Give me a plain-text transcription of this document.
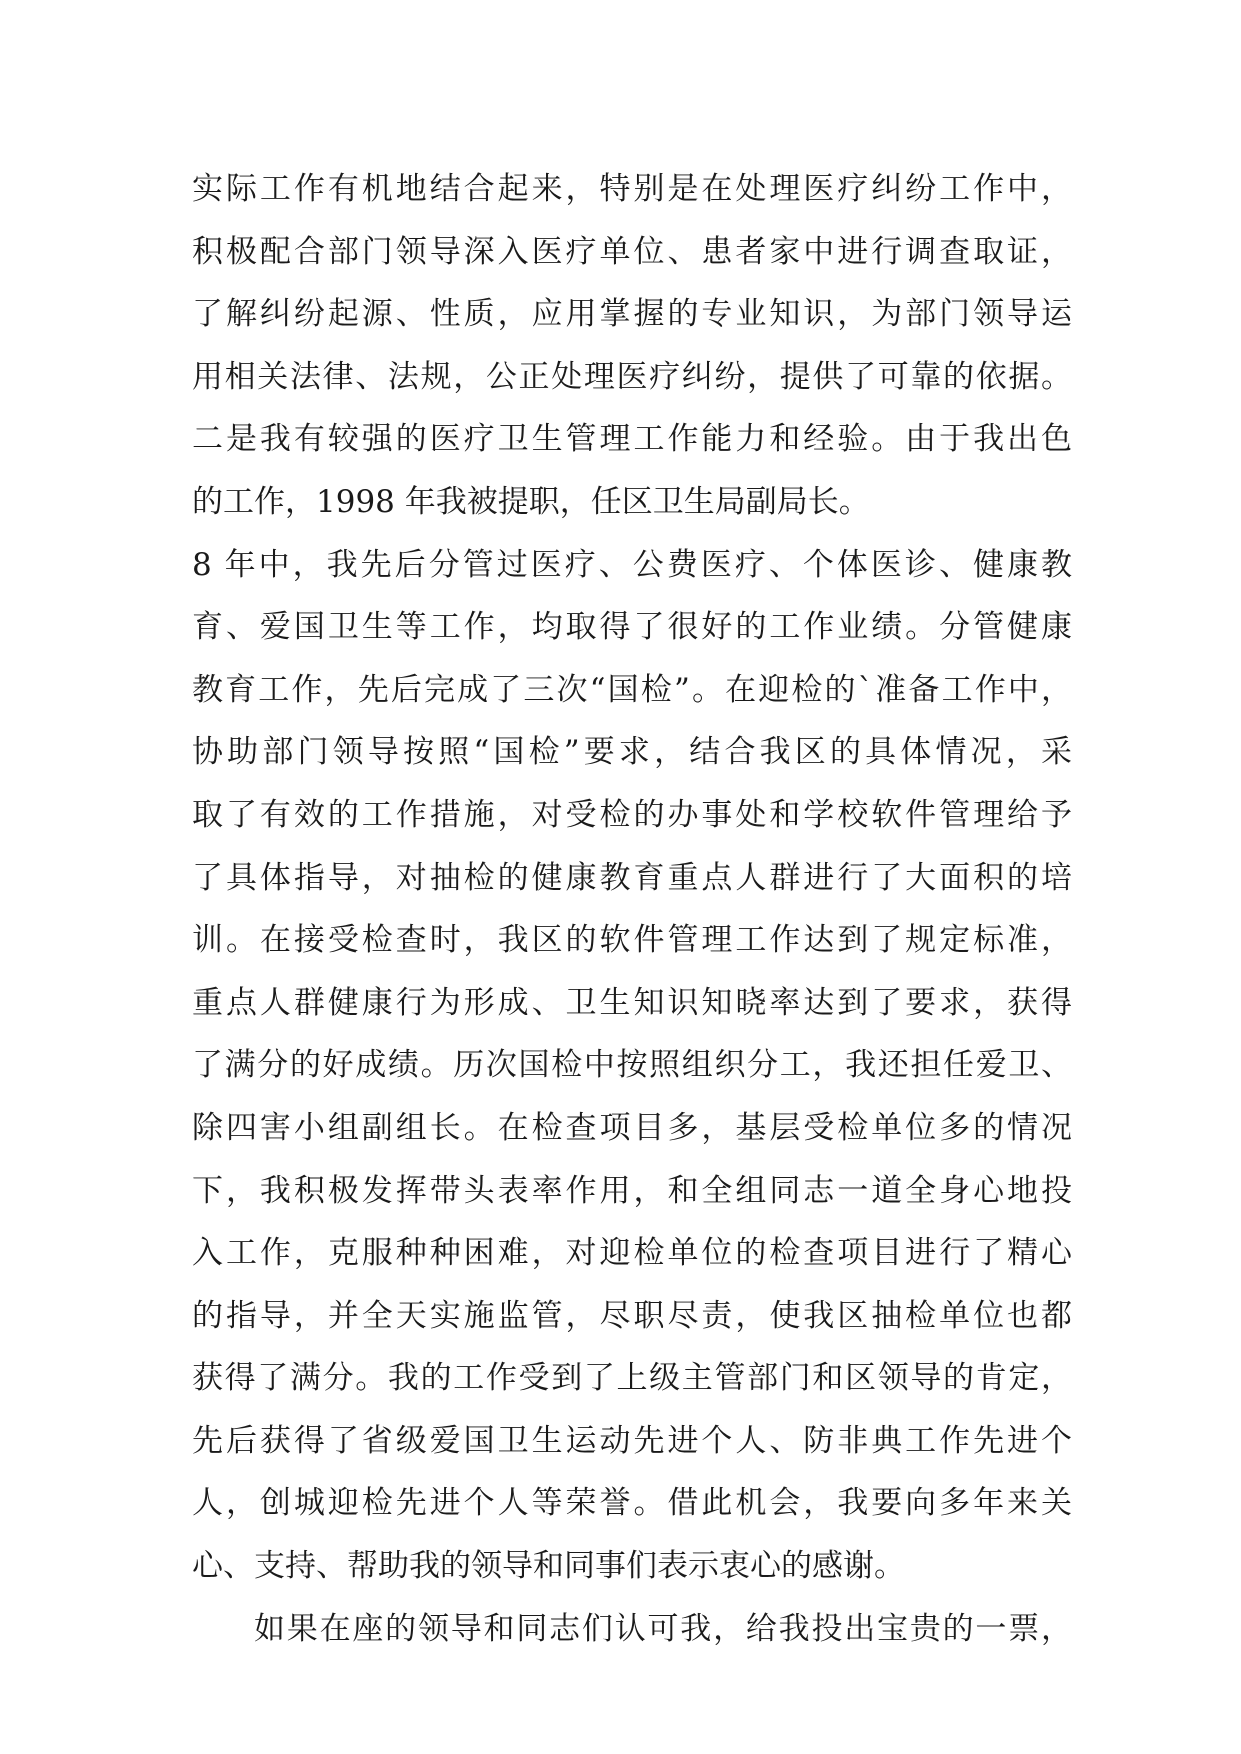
实际工作有机地结合起来，特别是在处理医疗纠纷工作中，
积极配合部门领导深入医疗单位、患者家中进行调查取证，
了解纠纷起源、性质，应用掌握的专业知识，为部门领导运
用相关法律、法规，公正处理医疗纠纷，提供了可靠的依据。
二是我有较强的医疗卫生管理工作能力和经验。由于我出色
的工作，1998 年我被提职，任区卫生局副局长。
8 年中，我先后分管过医疗、公费医疗、个体医诊、健康教
育、爱国卫生等工作，均取得了很好的工作业绩。分管健康
教育工作，先后完成了三次“国检”。在迎检的`准备工作中，
协助部门领导按照“国检”要求，结合我区的具体情况，采
取了有效的工作措施，对受检的办事处和学校软件管理给予
了具体指导，对抽检的健康教育重点人群进行了大面积的培
训。在接受检查时，我区的软件管理工作达到了规定标准，
重点人群健康行为形成、卫生知识知晓率达到了要求，获得
了满分的好成绩。历次国检中按照组织分工，我还担任爱卫、
除四害小组副组长。在检查项目多，基层受检单位多的情况
下，我积极发挥带头表率作用，和全组同志一道全身心地投
入工作，克服种种困难，对迎检单位的检查项目进行了精心
的指导，并全天实施监管，尽职尽责，使我区抽检单位也都
获得了满分。我的工作受到了上级主管部门和区领导的肯定，
先后获得了省级爱国卫生运动先进个人、防非典工作先进个
人，创城迎检先进个人等荣誉。借此机会，我要向多年来关
心、支持、帮助我的领导和同事们表示衷心的感谢。
如果在座的领导和同志们认可我，给我投出宝贵的一票，
